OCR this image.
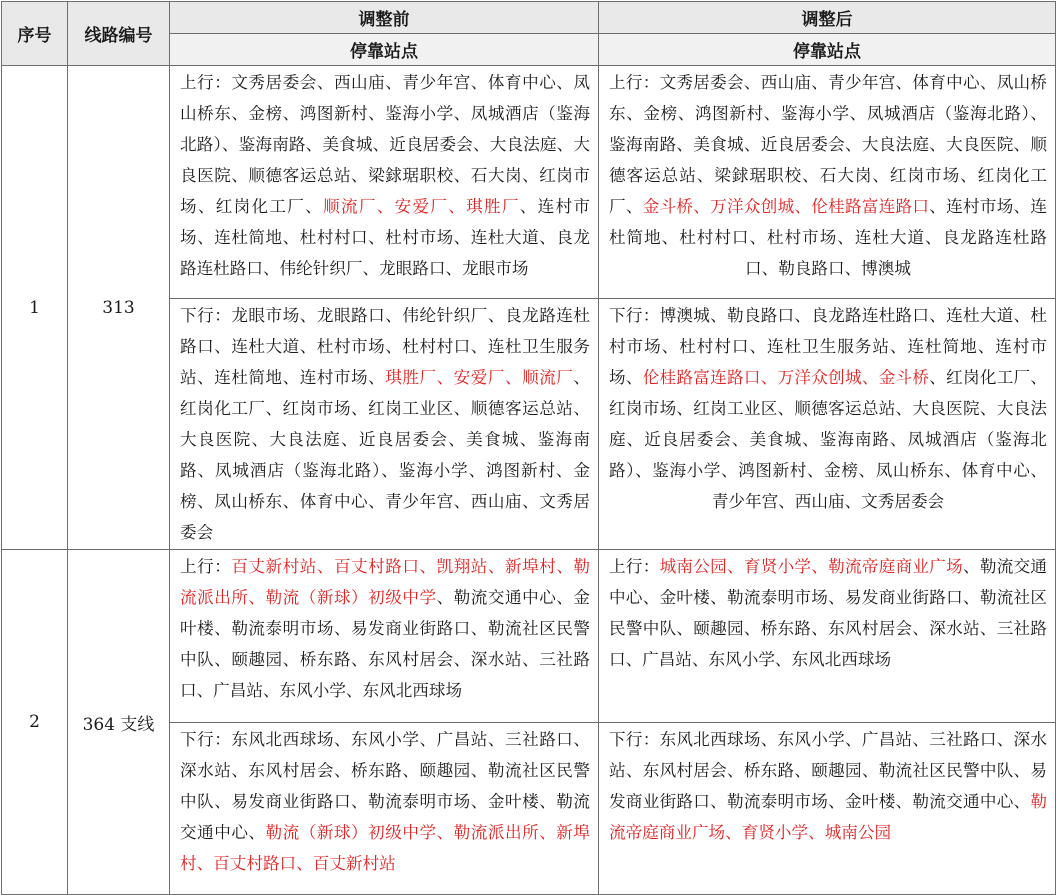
序号	线路编号	调整前	调整后
		停靠站点	停靠站点
1	313	上行：文秀居委会、西山庙、青少年宫、体育中心、凤山桥东、金榜、鸿图新村、鉴海小学、凤城酒店（鉴海北路）、鉴海南路、美食城、近良居委会、大良法庭、大良医院、顺德客运总站、梁銶琚职校、石大岗、红岗市场、红岗化工厂、顺流厂、安爱厂、琪胜厂、连村市场、连杜简地、杜村村口、杜村市场、连杜大道、良龙路连杜路口、伟纶针织厂、龙眼路口、龙眼市场	上行：文秀居委会、西山庙、青少年宫、体育中心、凤山桥东、金榜、鸿图新村、鉴海小学、凤城酒店（鉴海北路）、鉴海南路、美食城、近良居委会、大良法庭、大良医院、顺德客运总站、梁銶琚职校、石大岗、红岗市场、红岗化工厂、金斗桥、万洋众创城、伦桂路富连路口、连村市场、连杜简地、杜村村口、杜村市场、连杜大道、良龙路连杜路口、勒良路口、博澳城
		下行：龙眼市场、龙眼路口、伟纶针织厂、良龙路连杜路口、连杜大道、杜村市场、杜村村口、连杜卫生服务站、连杜简地、连村市场、琪胜厂、安爱厂、顺流厂、红岗化工厂、红岗市场、红岗工业区、顺德客运总站、大良医院、大良法庭、近良居委会、美食城、鉴海南路、凤城酒店（鉴海北路）、鉴海小学、鸿图新村、金榜、凤山桥东、体育中心、青少年宫、西山庙、文秀居委会	下行：博澳城、勒良路口、良龙路连杜路口、连杜大道、杜村市场、杜村村口、连杜卫生服务站、连杜简地、连村市场、伦桂路富连路口、万洋众创城、金斗桥、红岗化工厂、红岗市场、红岗工业区、顺德客运总站、大良医院、大良法庭、近良居委会、美食城、鉴海南路、凤城酒店（鉴海北路）、鉴海小学、鸿图新村、金榜、凤山桥东、体育中心、青少年宫、西山庙、文秀居委会
2	364 支线	上行：百丈新村站、百丈村路口、凯翔站、新埠村、勒流派出所、勒流（新球）初级中学、勒流交通中心、金叶楼、勒流泰明市场、易发商业街路口、勒流社区民警中队、颐趣园、桥东路、东风村居会、深水站、三社路口、广昌站、东风小学、东风北西球场	上行：城南公园、育贤小学、勒流帝庭商业广场、勒流交通中心、金叶楼、勒流泰明市场、易发商业街路口、勒流社区民警中队、颐趣园、桥东路、东风村居会、深水站、三社路口、广昌站、东风小学、东风北西球场
		下行：东风北西球场、东风小学、广昌站、三社路口、深水站、东风村居会、桥东路、颐趣园、勒流社区民警中队、易发商业街路口、勒流泰明市场、金叶楼、勒流交通中心、勒流（新球）初级中学、勒流派出所、新埠村、百丈村路口、百丈新村站	下行：东风北西球场、东风小学、广昌站、三社路口、深水站、东风村居会、桥东路、颐趣园、勒流社区民警中队、易发商业街路口、勒流泰明市场、金叶楼、勒流交通中心、勒流帝庭商业广场、育贤小学、城南公园
